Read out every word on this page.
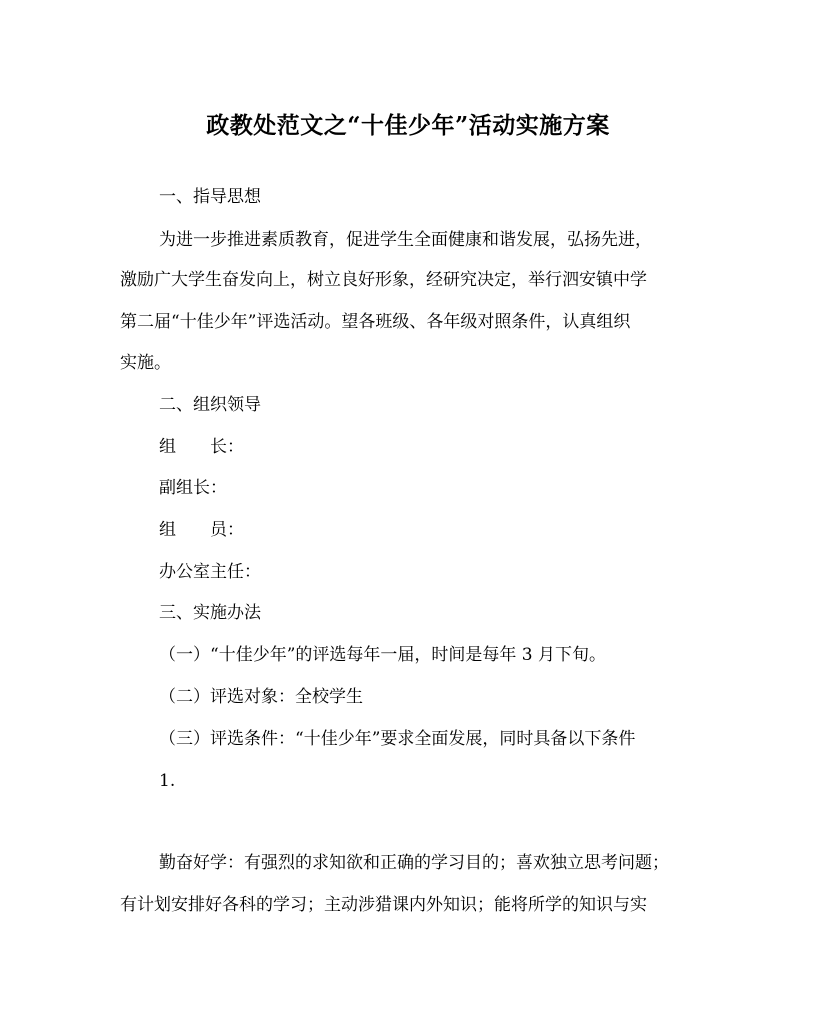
政教处范文之“十佳少年”活动实施方案
一、指导思想
为进一步推进素质教育，促进学生全面健康和谐发展，弘扬先进，
激励广大学生奋发向上，树立良好形象，经研究决定，举行泗安镇中学
第二届“十佳少年”评选活动。望各班级、各年级对照条件，认真组织
实施。
二、组织领导
组　　长：
副组长：
组　　员：
办公室主任：
三、实施办法
（一）“十佳少年”的评选每年一届，时间是每年 3 月下旬。
（二）评选对象：全校学生
（三）评选条件：“十佳少年”要求全面发展，同时具备以下条件
1.
勤奋好学：有强烈的求知欲和正确的学习目的；喜欢独立思考问题；
有计划安排好各科的学习；主动涉猎课内外知识；能将所学的知识与实
